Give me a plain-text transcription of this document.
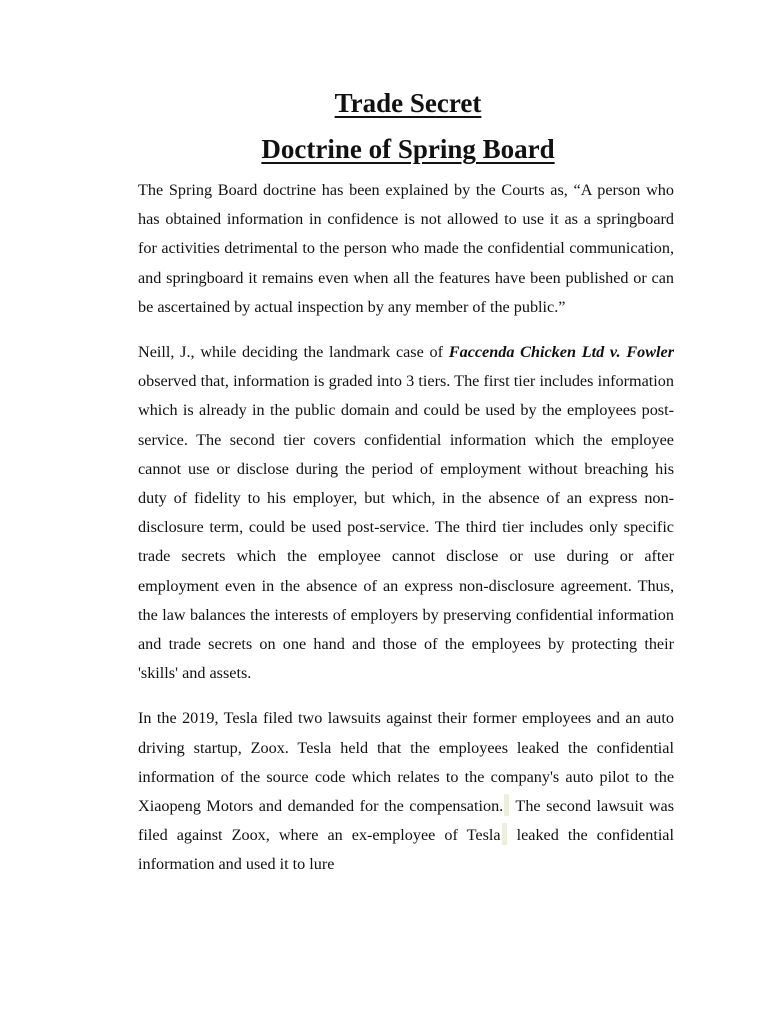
Trade Secret
Doctrine of Spring Board

The Spring Board doctrine has been explained by the Courts as, “A person who has obtained information in confidence is not allowed to use it as a springboard for activities detrimental to the person who made the confidential communication, and springboard it remains even when all the features have been published or can be ascertained by actual inspection by any member of the public.”

Neill, J., while deciding the landmark case of Faccenda Chicken Ltd v. Fowler observed that, information is graded into 3 tiers. The first tier includes information which is already in the public domain and could be used by the employees post-service. The second tier covers confidential information which the employee cannot use or disclose during the period of employment without breaching his duty of fidelity to his employer, but which, in the absence of an express non-disclosure term, could be used post-service. The third tier includes only specific trade secrets which the employee cannot disclose or use during or after employment even in the absence of an express non-disclosure agreement. Thus, the law balances the interests of employers by preserving confidential information and trade secrets on one hand and those of the employees by protecting their 'skills' and assets.

In the 2019, Tesla filed two lawsuits against their former employees and an auto driving startup, Zoox. Tesla held that the employees leaked the confidential information of the source code which relates to the company's auto pilot to the Xiaopeng Motors and demanded for the compensation. The second lawsuit was filed against Zoox, where an ex-employee of Tesla leaked the confidential information and used it to lure
